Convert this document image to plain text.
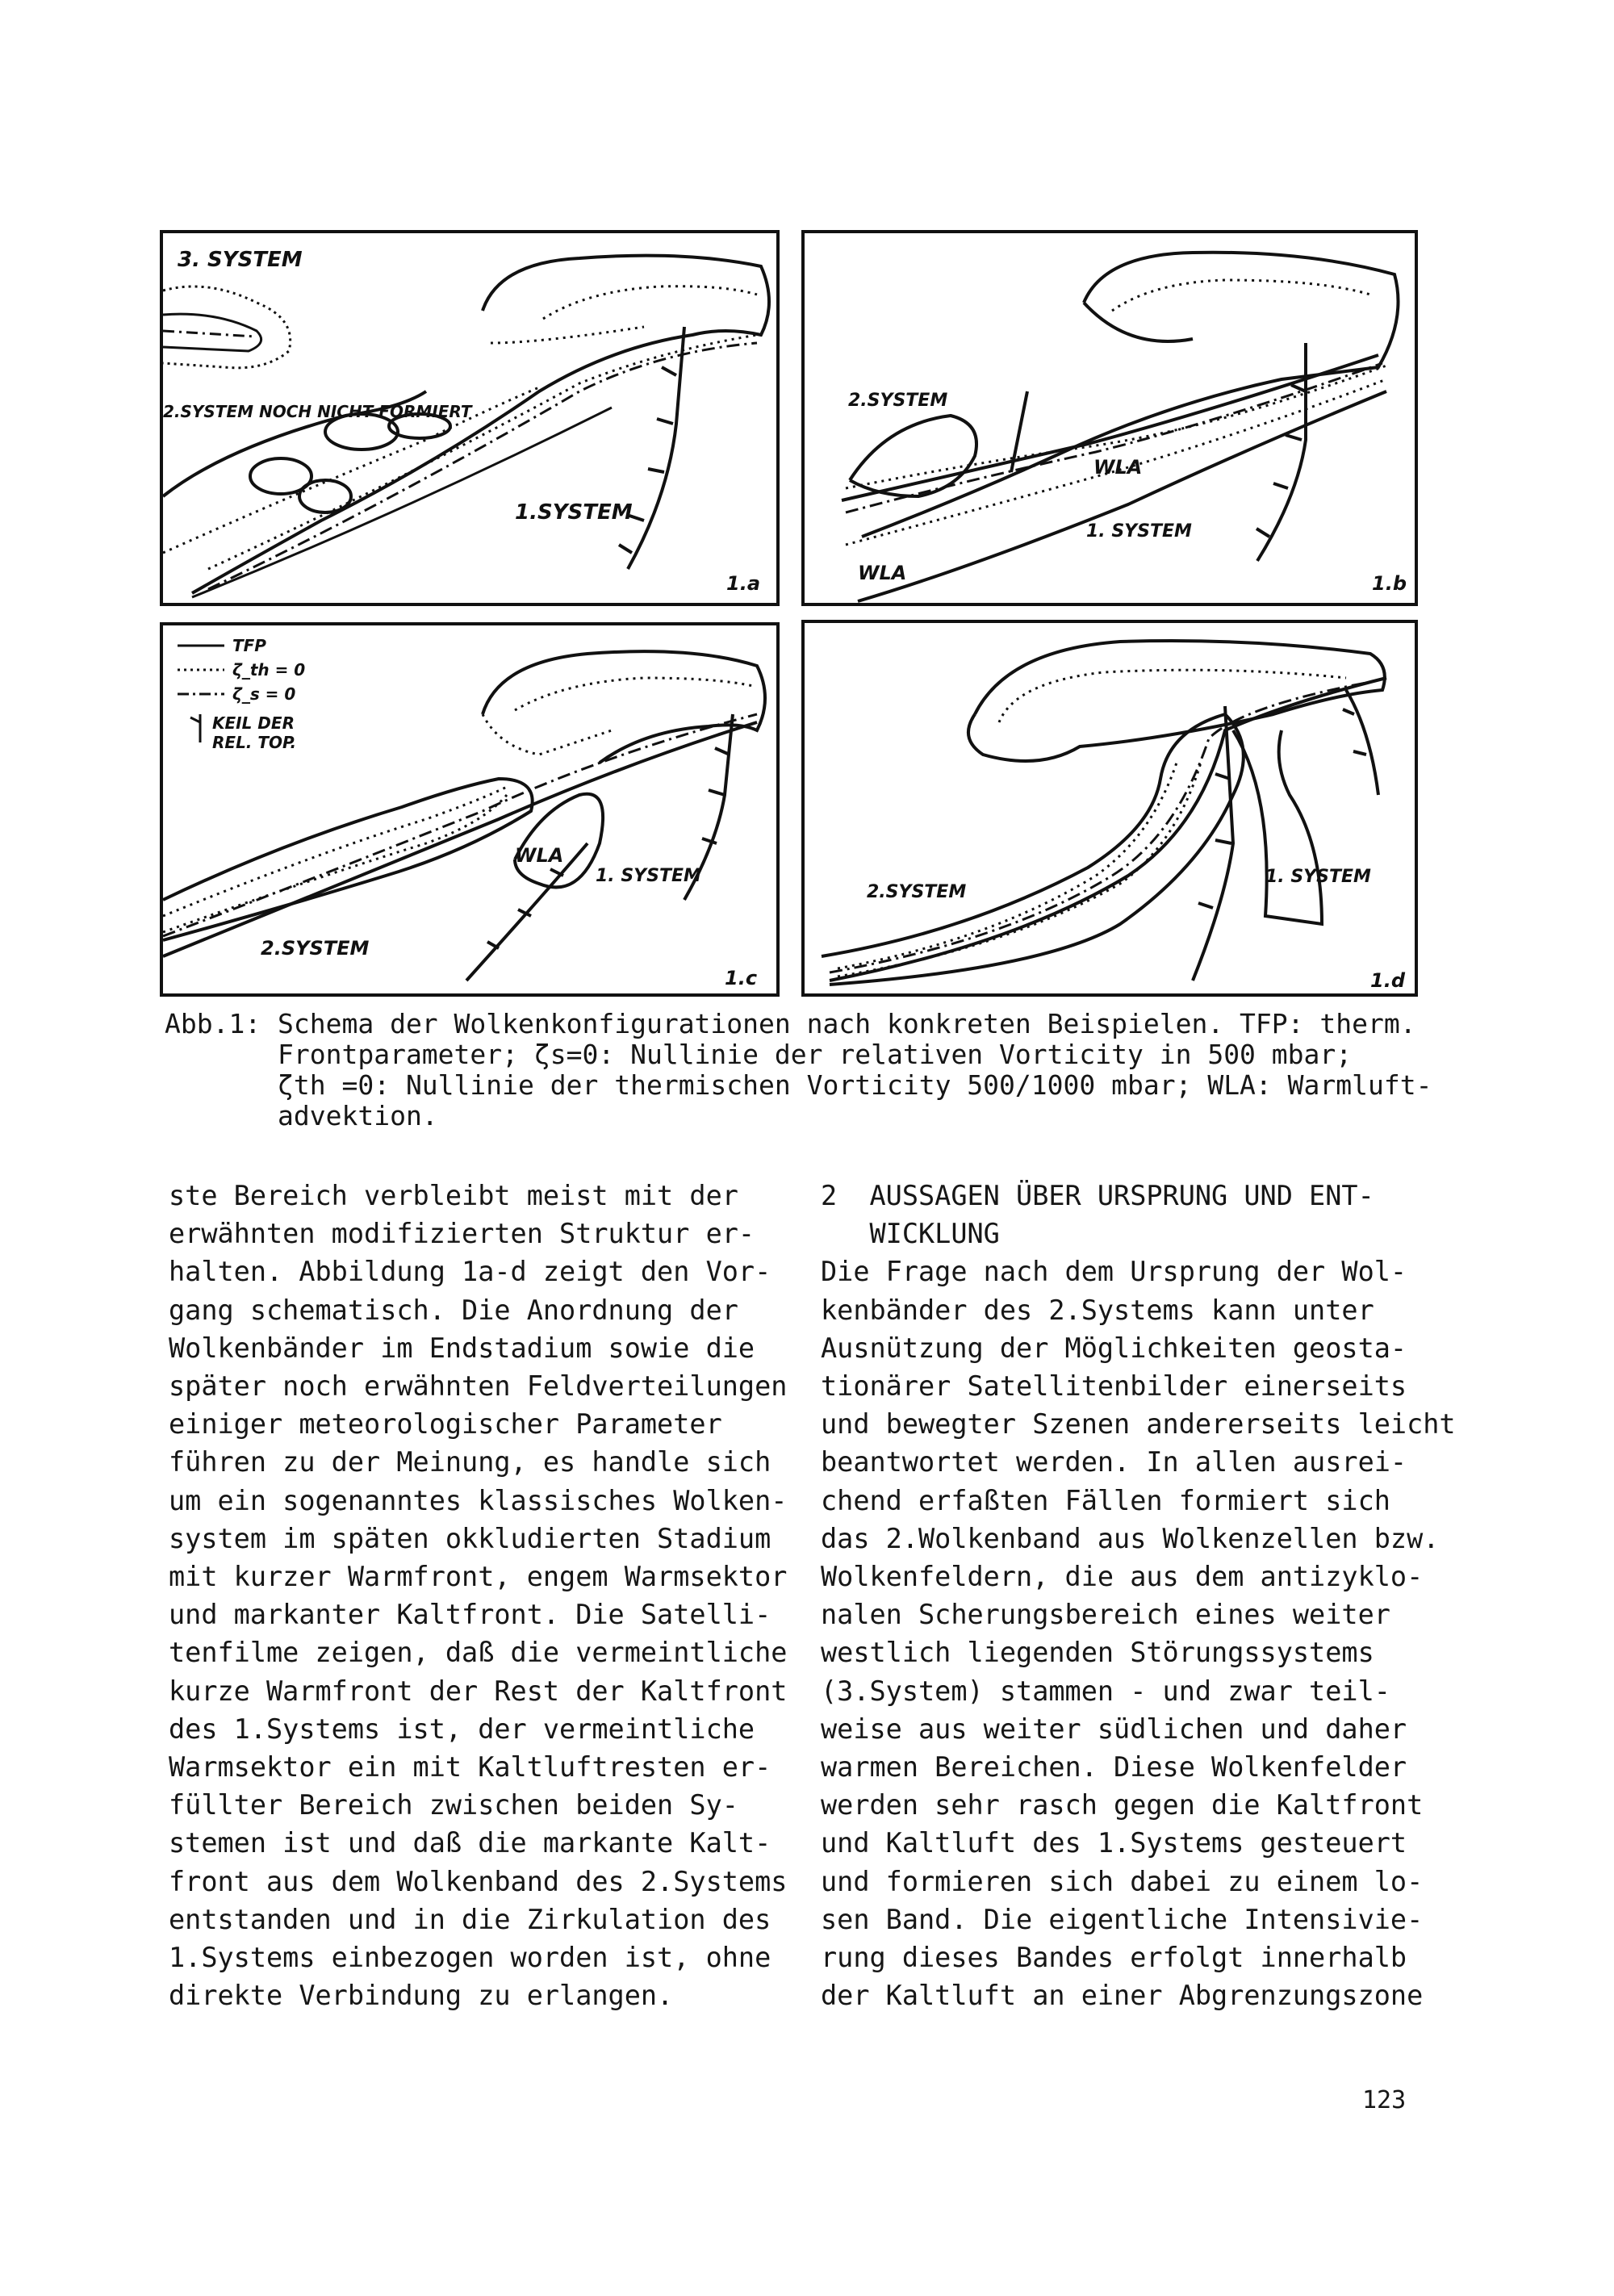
3. SYSTEM
2.SYSTEM NOCH NICHT FORMIERT
1.SYSTEM
1.a
2.SYSTEM
WLA
1. SYSTEM
WLA	1.b
TFP
ζ_th = 0
ζ_s = 0
KEIL DER
REL. TOP.
WLA
1. SYSTEM
2.SYSTEM
1.c
2.SYSTEM
1. SYSTEM
1.d
Abb.1: Schema der Wolkenkonfigurationen nach konkreten Beispielen. TFP: therm.
Frontparameter; ζs=0: Nullinie der relativen Vorticity in 500 mbar;
ζth =0: Nullinie der thermischen Vorticity 500/1000 mbar; WLA: Warmluft-
advektion.
ste Bereich verbleibt meist mit der
erwähnten modifizierten Struktur er-
halten. Abbildung 1a-d zeigt den Vor-
gang schematisch. Die Anordnung der
Wolkenbänder im Endstadium sowie die
später noch erwähnten Feldverteilungen
einiger meteorologischer Parameter
führen zu der Meinung, es handle sich
um ein sogenanntes klassisches Wolken-
system im späten okkludierten Stadium
mit kurzer Warmfront, engem Warmsektor
und markanter Kaltfront. Die Satelli-
tenfilme zeigen, daß die vermeintliche
kurze Warmfront der Rest der Kaltfront
des 1.Systems ist, der vermeintliche
Warmsektor ein mit Kaltluftresten er-
füllter Bereich zwischen beiden Sy-
stemen ist und daß die markante Kalt-
front aus dem Wolkenband des 2.Systems
entstanden und in die Zirkulation des
1.Systems einbezogen worden ist, ohne
direkte Verbindung zu erlangen.
2  AUSSAGEN ÜBER URSPRUNG UND ENT-
WICKLUNG
Die Frage nach dem Ursprung der Wol-
kenbänder des 2.Systems kann unter
Ausnützung der Möglichkeiten geosta-
tionärer Satellitenbilder einerseits
und bewegter Szenen andererseits leicht
beantwortet werden. In allen ausrei-
chend erfaßten Fällen formiert sich
das 2.Wolkenband aus Wolkenzellen bzw.
Wolkenfeldern, die aus dem antizyklo-
nalen Scherungsbereich eines weiter
westlich liegenden Störungssystems
(3.System) stammen - und zwar teil-
weise aus weiter südlichen und daher
warmen Bereichen. Diese Wolkenfelder
werden sehr rasch gegen die Kaltfront
und Kaltluft des 1.Systems gesteuert
und formieren sich dabei zu einem lo-
sen Band. Die eigentliche Intensivie-
rung dieses Bandes erfolgt innerhalb
der Kaltluft an einer Abgrenzungszone
123
